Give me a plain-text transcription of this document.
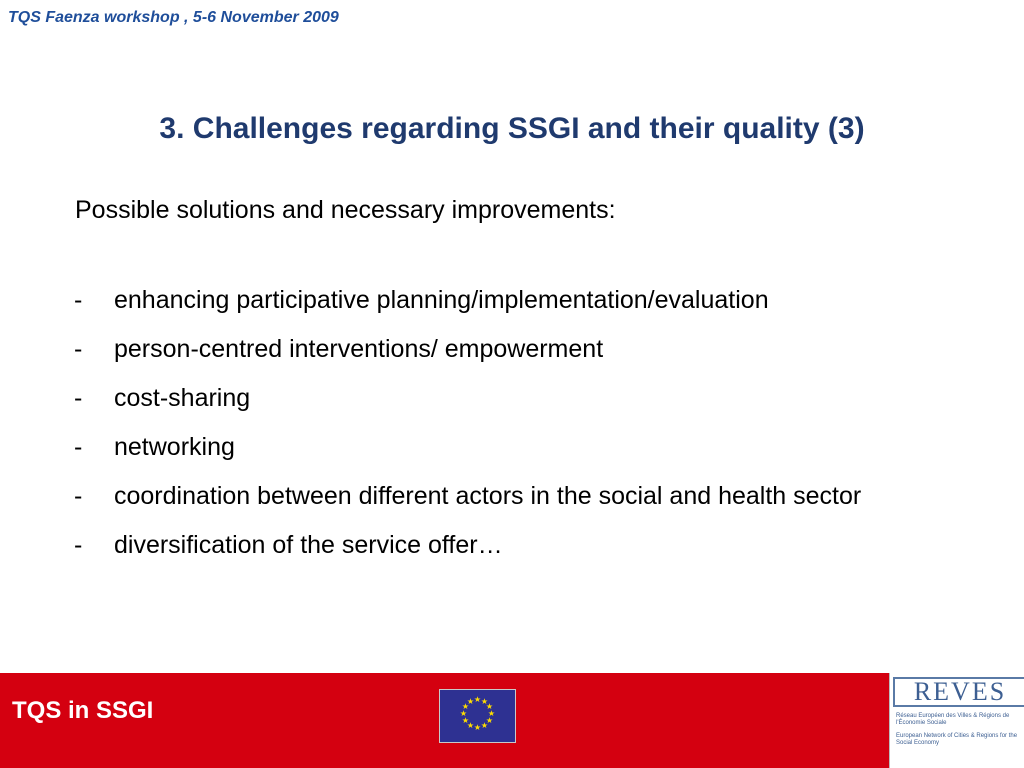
TQS Faenza workshop , 5-6 November 2009
3. Challenges regarding SSGI and their quality (3)
Possible solutions and necessary improvements:
- enhancing participative planning/implementation/evaluation
- person-centred interventions/ empowerment
- cost-sharing
- networking
- coordination between different actors in the social and health sector
- diversification of the service offer…
TQS in SSGI	★ ★
★
★
★
★
★
★
★
★
★
★	REVES
Réseau Européen des Villes & Régions de l'Économie Sociale
European Network of Cities & Regions for the Social Economy
